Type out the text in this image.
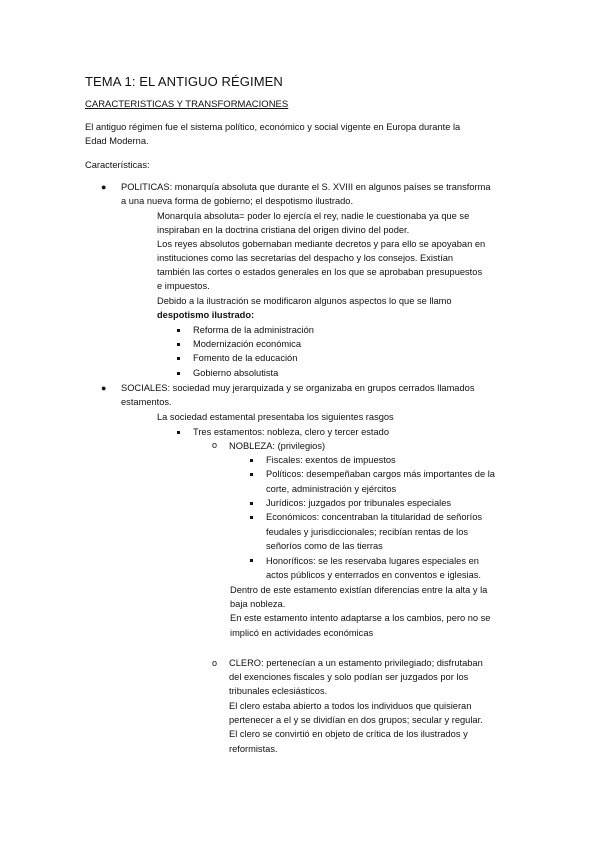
TEMA 1: EL ANTIGUO RÉGIMEN
CARACTERISTICAS Y TRANSFORMACIONES
El antiguo régimen fue el sistema político, económico y social vigente en Europa durante la
Edad Moderna.
Características:
● POLITICAS: monarquía absoluta que durante el S. XVIII en algunos países se transforma
a una nueva forma de gobierno; el despotismo ilustrado.
Monarquía absoluta= poder lo ejercía el rey, nadie le cuestionaba ya que se
inspiraban en la doctrina cristiana del origen divino del poder.
Los reyes absolutos gobernaban mediante decretos y para ello se apoyaban en
instituciones como las secretarias del despacho y los consejos. Existían
también las cortes o estados generales en los que se aprobaban presupuestos
e impuestos.
Debido a la ilustración se modificaron algunos aspectos lo que se llamo
despotismo ilustrado:
Reforma de la administración
Modernización económica
Fomento de la educación
Gobierno absolutista
● SOCIALES: sociedad muy jerarquizada y se organizaba en grupos cerrados llamados
estamentos.
La sociedad estamental presentaba los siguientes rasgos
Tres estamentos: nobleza, clero y tercer estado
o NOBLEZA: (privilegios)
Fiscales: exentos de impuestos
Políticos: desempeñaban cargos más importantes de la
corte, administración y ejércitos
Jurídicos: juzgados por tribunales especiales
Económicos: concentraban la titularidad de señoríos
feudales y jurisdiccionales; recibían rentas de los
señoríos como de las tierras
Honoríficos: se les reservaba lugares especiales en
actos públicos y enterrados en conventos e iglesias.
Dentro de este estamento existían diferencias entre la alta y la
baja nobleza.
En este estamento intento adaptarse a los cambios, pero no se
implicó en actividades económicas
o CLERO: pertenecían a un estamento privilegiado; disfrutaban
del exenciones fiscales y solo podían ser juzgados por los
tribunales eclesiásticos.
El clero estaba abierto a todos los individuos que quisieran
pertenecer a el y se dividían en dos grupos; secular y regular.
El clero se convirtió en objeto de crítica de los ilustrados y
reformistas.
